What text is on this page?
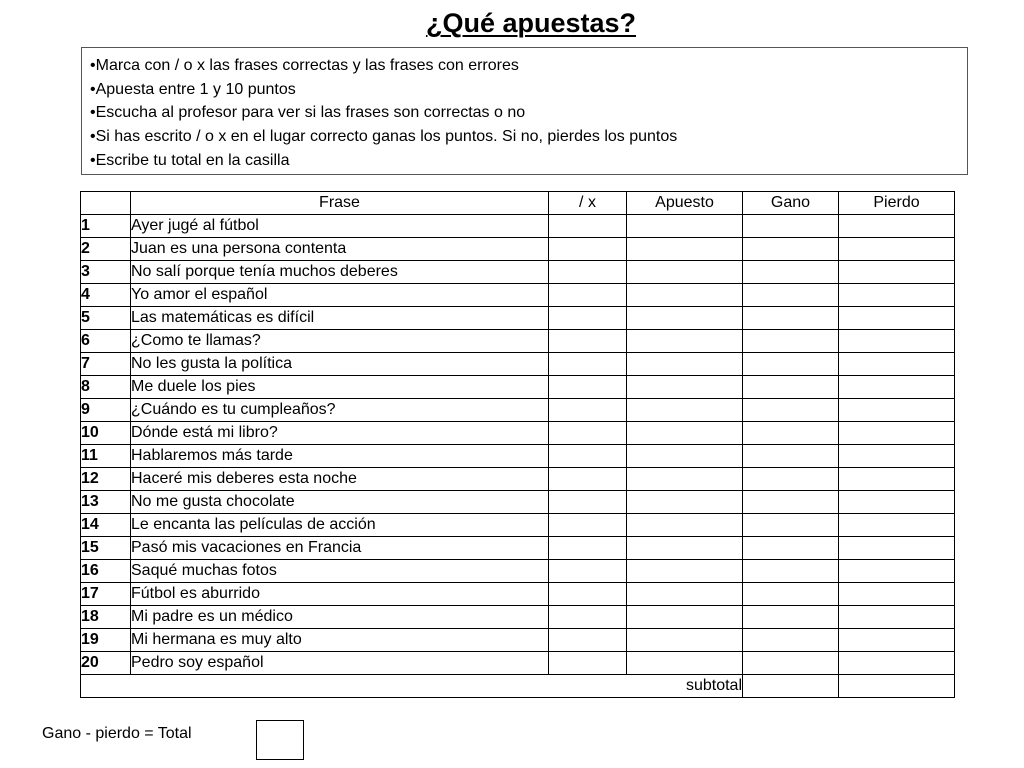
¿Qué apuestas?
•Marca con / o x las frases correctas y las frases con errores
•Apuesta entre 1 y 10 puntos
•Escucha al profesor para ver si las frases son correctas o no
•Si has escrito / o x en el lugar correcto ganas los puntos. Si no, pierdes los puntos
•Escribe tu total en la casilla
	Frase	/ x	Apuesto	Gano	Pierdo
1	Ayer jugé al fútbol				
2	Juan es una persona contenta				
3	No salí porque tenía muchos deberes				
4	Yo amor el español				
5	Las matemáticas es difícil				
6	¿Como te llamas?				
7	No les gusta la política				
8	Me duele los pies				
9	¿Cuándo es tu cumpleaños?				
10	Dónde está mi libro?				
11	Hablaremos más tarde				
12	Haceré mis deberes esta noche				
13	No me gusta chocolate				
14	Le encanta las películas de acción				
15	Pasó mis vacaciones en Francia				
16	Saqué muchas fotos				
17	Fútbol es aburrido				
18	Mi padre es un médico				
19	Mi hermana es muy alto				
20	Pedro soy español				
subtotal					

Gano - pierdo = Total
